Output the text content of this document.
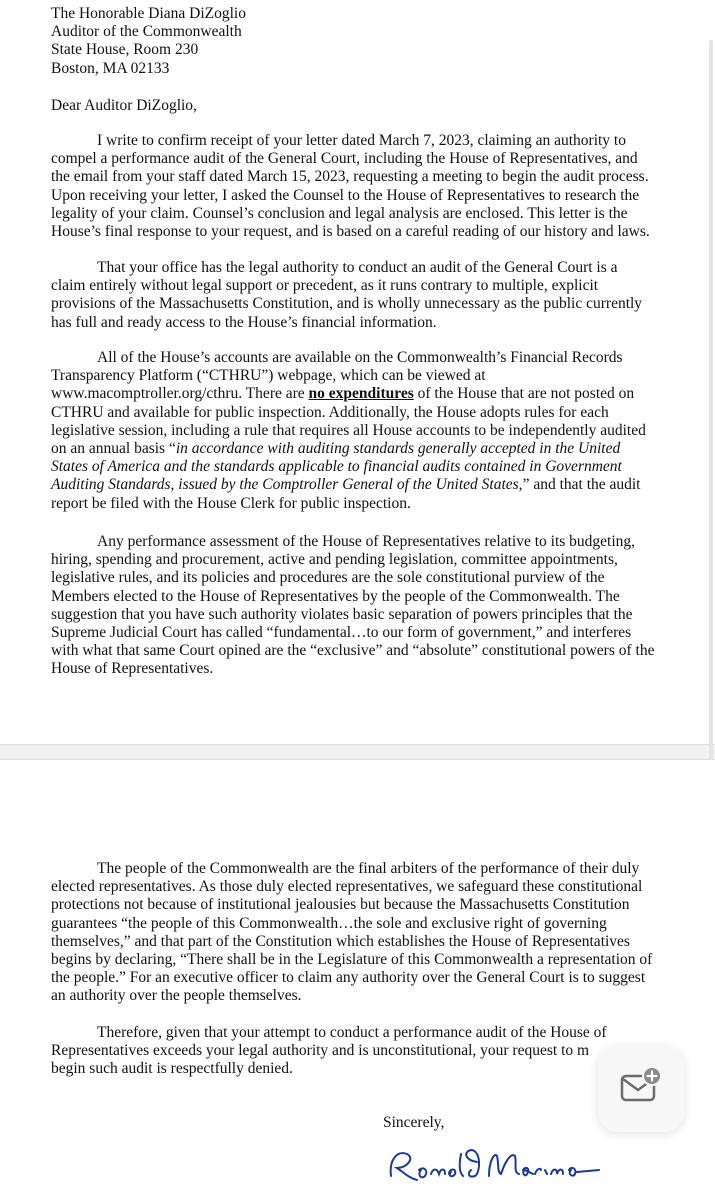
The Honorable Diana DiZoglio
Auditor of the Commonwealth
State House, Room 230
Boston, MA 02133
Dear Auditor DiZoglio,
I write to confirm receipt of your letter dated March 7, 2023, claiming an authority to
compel a performance audit of the General Court, including the House of Representatives, and
the email from your staff dated March 15, 2023, requesting a meeting to begin the audit process.
Upon receiving your letter, I asked the Counsel to the House of Representatives to research the
legality of your claim. Counsel’s conclusion and legal analysis are enclosed. This letter is the
House’s final response to your request, and is based on a careful reading of our history and laws.
That your office has the legal authority to conduct an audit of the General Court is a
claim entirely without legal support or precedent, as it runs contrary to multiple, explicit
provisions of the Massachusetts Constitution, and is wholly unnecessary as the public currently
has full and ready access to the House’s financial information.
All of the House’s accounts are available on the Commonwealth’s Financial Records
Transparency Platform (“CTHRU”) webpage, which can be viewed at
www.macomptroller.org/cthru. There are no expenditures of the House that are not posted on
CTHRU and available for public inspection. Additionally, the House adopts rules for each
legislative session, including a rule that requires all House accounts to be independently audited
on an annual basis “in accordance with auditing standards generally accepted in the United
States of America and the standards applicable to financial audits contained in Government
Auditing Standards, issued by the Comptroller General of the United States,” and that the audit
report be filed with the House Clerk for public inspection.
Any performance assessment of the House of Representatives relative to its budgeting,
hiring, spending and procurement, active and pending legislation, committee appointments,
legislative rules, and its policies and procedures are the sole constitutional purview of the
Members elected to the House of Representatives by the people of the Commonwealth. The
suggestion that you have such authority violates basic separation of powers principles that the
Supreme Judicial Court has called “fundamental…to our form of government,” and interferes
with what that same Court opined are the “exclusive” and “absolute” constitutional powers of the
House of Representatives.
The people of the Commonwealth are the final arbiters of the performance of their duly
elected representatives. As those duly elected representatives, we safeguard these constitutional
protections not because of institutional jealousies but because the Massachusetts Constitution
guarantees “the people of this Commonwealth…the sole and exclusive right of governing
themselves,” and that part of the Constitution which establishes the House of Representatives
begins by declaring, “There shall be in the Legislature of this Commonwealth a representation of
the people.” For an executive officer to claim any authority over the General Court is to suggest
an authority over the people themselves.
Therefore, given that your attempt to conduct a performance audit of the House of
Representatives exceeds your legal authority and is unconstitutional, your request to m
begin such audit is respectfully denied.
Sincerely,
